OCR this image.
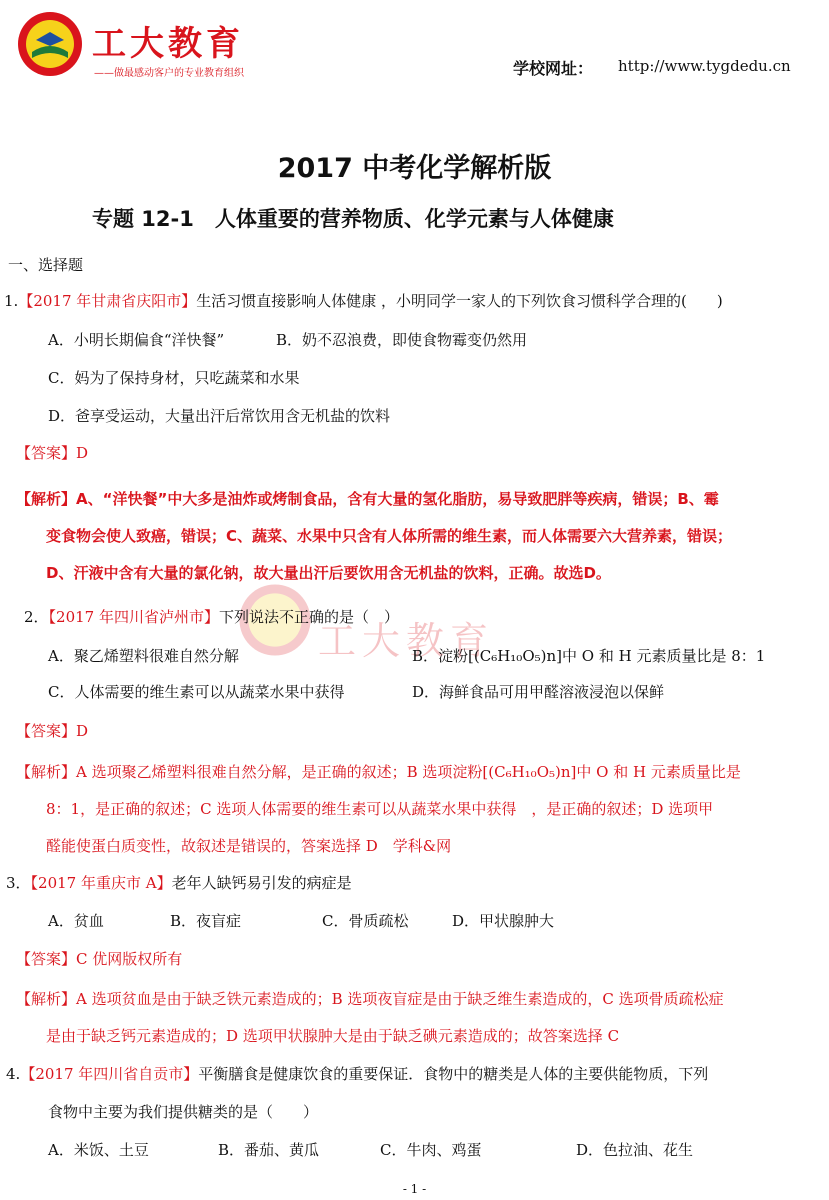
工大教育
——做最感动客户的专业教育组织	学校网址： http://www.tygdedu.cn
工大教育
2017 中考化学解析版
专题 12-1　人体重要的营养物质、化学元素与人体健康
一、选择题
1.【2017 年甘肃省庆阳市】生活习惯直接影响人体健康 ，小明同学一家人的下列饮食习惯科学合理的(　　)
A．小明长期偏食“洋快餐”	B．奶不忍浪费，即使食物霉变仍然用
C．妈为了保持身材，只吃蔬菜和水果
D．爸享受运动，大量出汗后常饮用含无机盐的饮料
【答案】D
【解析】A、“洋快餐”中大多是油炸或烤制食品，含有大量的氢化脂肪，易导致肥胖等疾病，错误；B、霉
变食物会使人致癌，错误；C、蔬菜、水果中只含有人体所需的维生素，而人体需要六大营养素，错误；
D、汗液中含有大量的氯化钠，故大量出汗后要饮用含无机盐的饮料，正确。故选D。
2．【2017 年四川省泸州市】下列说法不正确的是（　）
A．聚乙烯塑料很难自然分解	B．淀粉[(C₆H₁₀O₅)n]中 O 和 H 元素质量比是 8：1
C．人体需要的维生素可以从蔬菜水果中获得	D．海鲜食品可用甲醛溶液浸泡以保鲜
【答案】D
【解析】A 选项聚乙烯塑料很难自然分解，是正确的叙述；B 选项淀粉[(C₆H₁₀O₅)n]中 O 和 H 元素质量比是
8：1，是正确的叙述；C 选项人体需要的维生素可以从蔬菜水果中获得　，是正确的叙述；D 选项甲
醛能使蛋白质变性，故叙述是错误的，答案选择 D　学科&网
3．【2017 年重庆市 A】老年人缺钙易引发的病症是
A．贫血	B．夜盲症	C．骨质疏松	D．甲状腺肿大
【答案】C 优网版权所有
【解析】A 选项贫血是由于缺乏铁元素造成的；B 选项夜盲症是由于缺乏维生素造成的，C 选项骨质疏松症
是由于缺乏钙元素造成的；D 选项甲状腺肿大是由于缺乏碘元素造成的；故答案选择 C
4.【2017 年四川省自贡市】平衡膳食是健康饮食的重要保证．食物中的糖类是人体的主要供能物质，下列
食物中主要为我们提供糖类的是（　　）
A．米饭、土豆	B．番茄、黄瓜	C．牛肉、鸡蛋	D．色拉油、花生
- 1 -
